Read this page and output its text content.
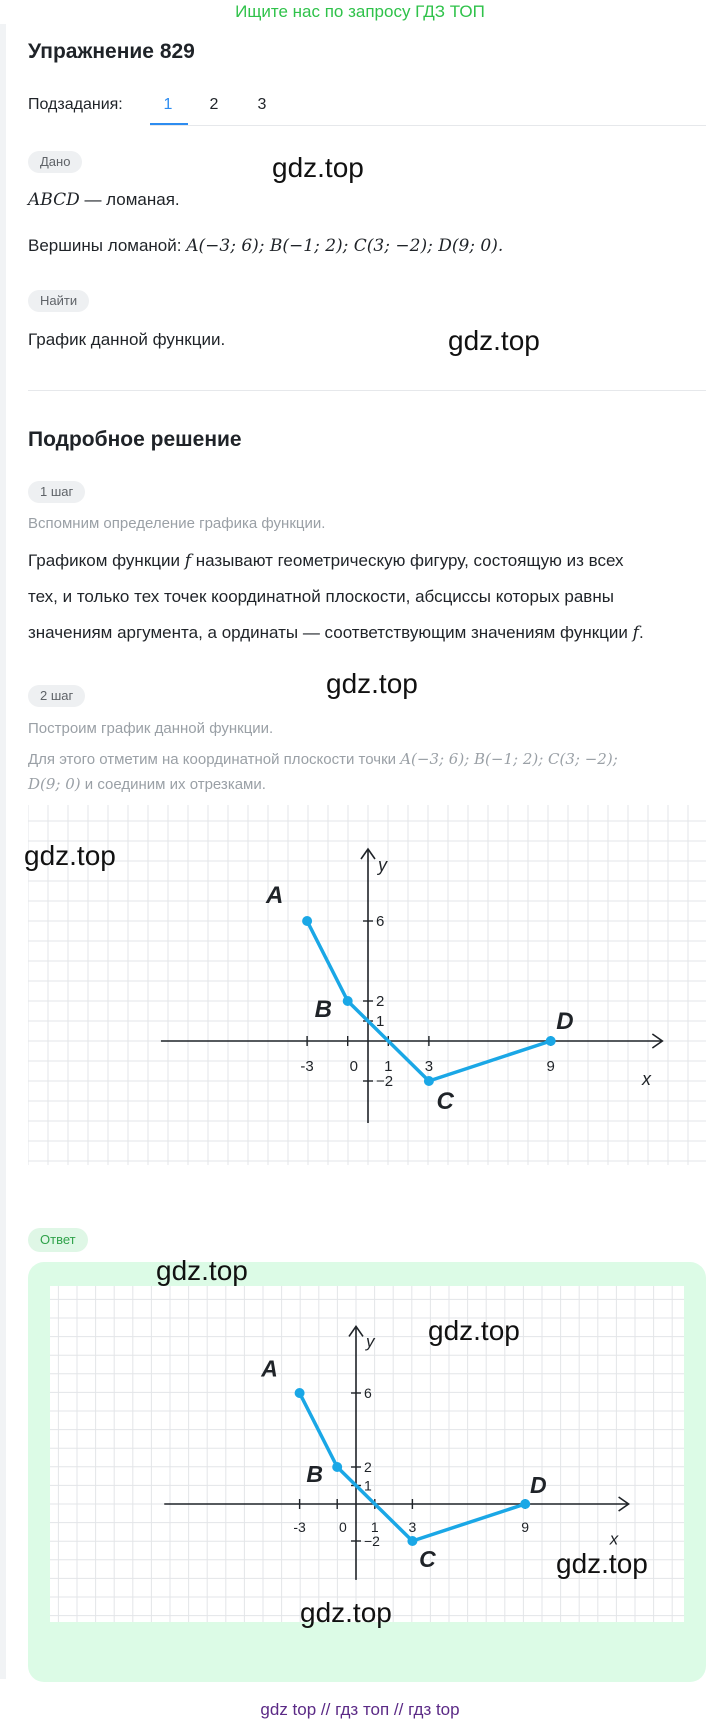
Ищите нас по запросу ГДЗ ТОП
Упражнение 829
Подзадания:	1	2	3
Дано
ABCD — ломаная.
Вершины ломаной: A(−3; 6); B(−1; 2); C(3; −2); D(9; 0).
Найти
График данной функции.
Подробное решение
1 шаг
Вспомним определение графика функции.
Графиком функции f называют геометрическую фигуру, состоящую из всех
тех, и только тех точек координатной плоскости, абсциссы которых равны
значениям аргумента, а ординаты — соответствующим значениям функции f.
2 шаг
Построим график данной функции.
Для этого отметим на координатной плоскости точки A(−3; 6); B(−1; 2); C(3; −2);
D(9; 0) и соединим их отрезками.
x
y
-3 0 1 3	9
6
2
1
−2
A
B
C
D
Ответ
x
y
-3 0 1 3	9
6
2
1
−2
A
B
C
D
gdz.top
gdz.top
gdz.top
gdz.top
gdz.top
gdz.top
gdz.top
gdz.top
gdz top // гдз топ // гдз top
